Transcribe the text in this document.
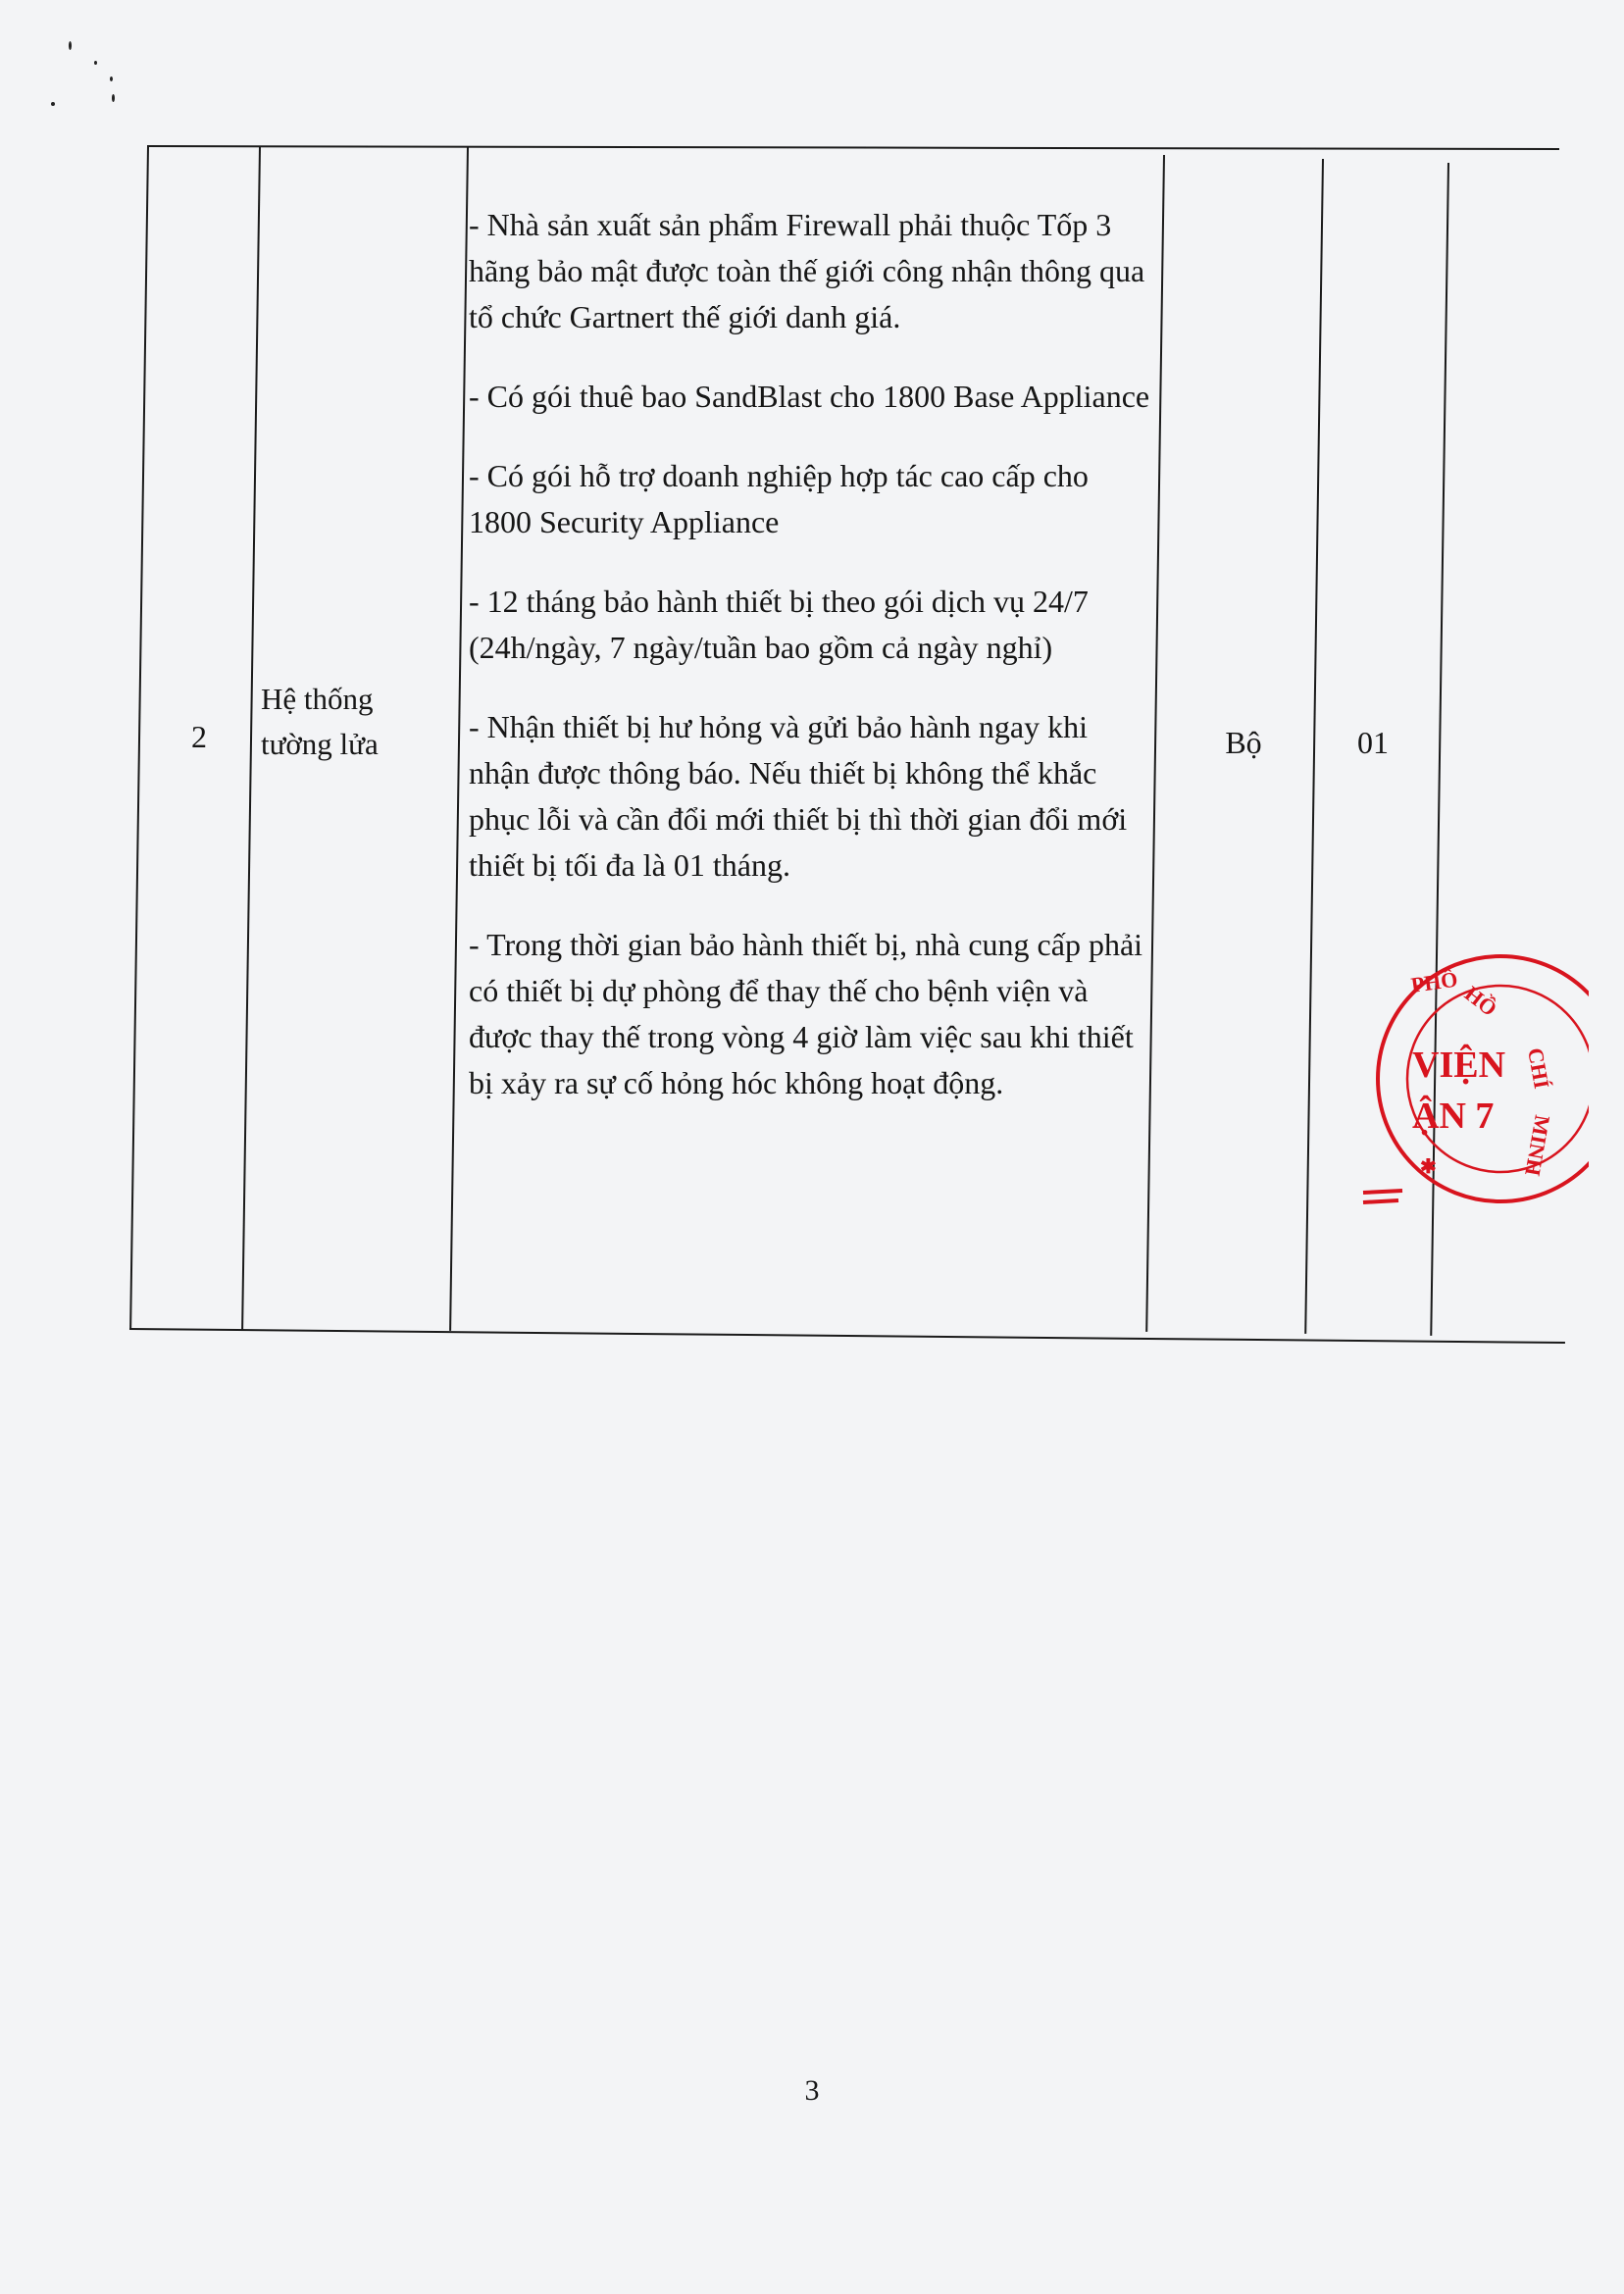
2
Hệ thống
tường lửa

- Nhà sản xuất sản phẩm Firewall phải thuộc Tốp 3 hãng bảo mật được toàn thế giới công nhận thông qua tổ chức Gartnert thế giới danh giá.

- Có gói thuê bao SandBlast cho 1800 Base Appliance

- Có gói hỗ trợ doanh nghiệp hợp tác cao cấp cho 1800 Security Appliance

- 12 tháng bảo hành thiết bị theo gói dịch vụ 24/7 (24h/ngày, 7 ngày/tuần bao gồm cả ngày nghỉ)

- Nhận thiết bị hư hỏng và gửi bảo hành ngay khi nhận được thông báo. Nếu thiết bị không thể khắc phục lỗi và cần đổi mới thiết bị thì thời gian đổi mới thiết bị tối đa là 01 tháng.

- Trong thời gian bảo hành thiết bị, nhà cung cấp phải có thiết bị dự phòng để thay thế cho bệnh viện và được thay thế trong vòng 4 giờ làm việc sau khi thiết bị xảy ra sự cố hỏng hóc không hoạt động.

Bộ	01
PHÔ HỒ
CHÍ
MINH
VIỆN
ẬN 7
✱
3
